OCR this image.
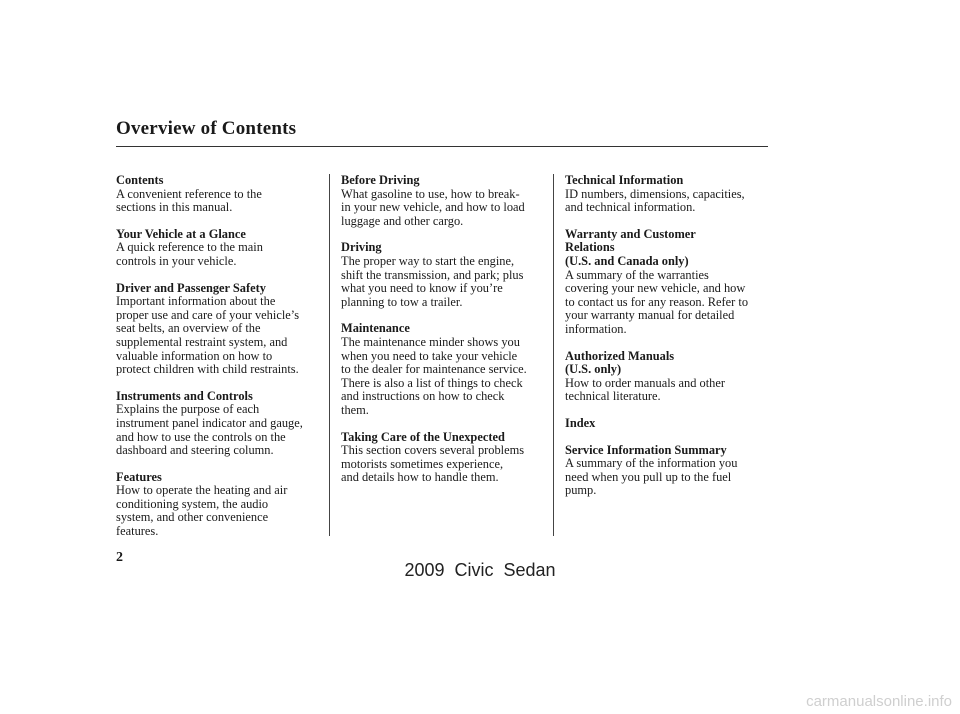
Overview of Contents

Contents

A convenient reference to the

sections in this manual.

Your Vehicle at a Glance

A quick reference to the main

controls in your vehicle.

Driver and Passenger Safety

Important information about the

proper use and care of your vehicle’s

seat belts, an overview of the

supplemental restraint system, and

valuable information on how to

protect children with child restraints.

Instruments and Controls

Explains the purpose of each

instrument panel indicator and gauge,

and how to use the controls on the

dashboard and steering column.

Features

How to operate the heating and air

conditioning system, the audio

system, and other convenience

features.

Before Driving

What gasoline to use, how to break-

in your new vehicle, and how to load

luggage and other cargo.

Driving

The proper way to start the engine,

shift the transmission, and park; plus

what you need to know if you’re

planning to tow a trailer.

Maintenance

The maintenance minder shows you

when you need to take your vehicle

to the dealer for maintenance service.

There is also a list of things to check

and instructions on how to check

them.

Taking Care of the Unexpected

This section covers several problems

motorists sometimes experience,

and details how to handle them.

Technical Information

ID numbers, dimensions, capacities,

and technical information.

Warranty and Customer

Relations

(U.S. and Canada only)

A summary of the warranties

covering your new vehicle, and how

to contact us for any reason. Refer to

your warranty manual for detailed

information.

Authorized Manuals

(U.S. only)

How to order manuals and other

technical literature.

Index

Service Information Summary

A summary of the information you

need when you pull up to the fuel

pump.

2
2009  Civic  Sedan
carmanualsonline.info
